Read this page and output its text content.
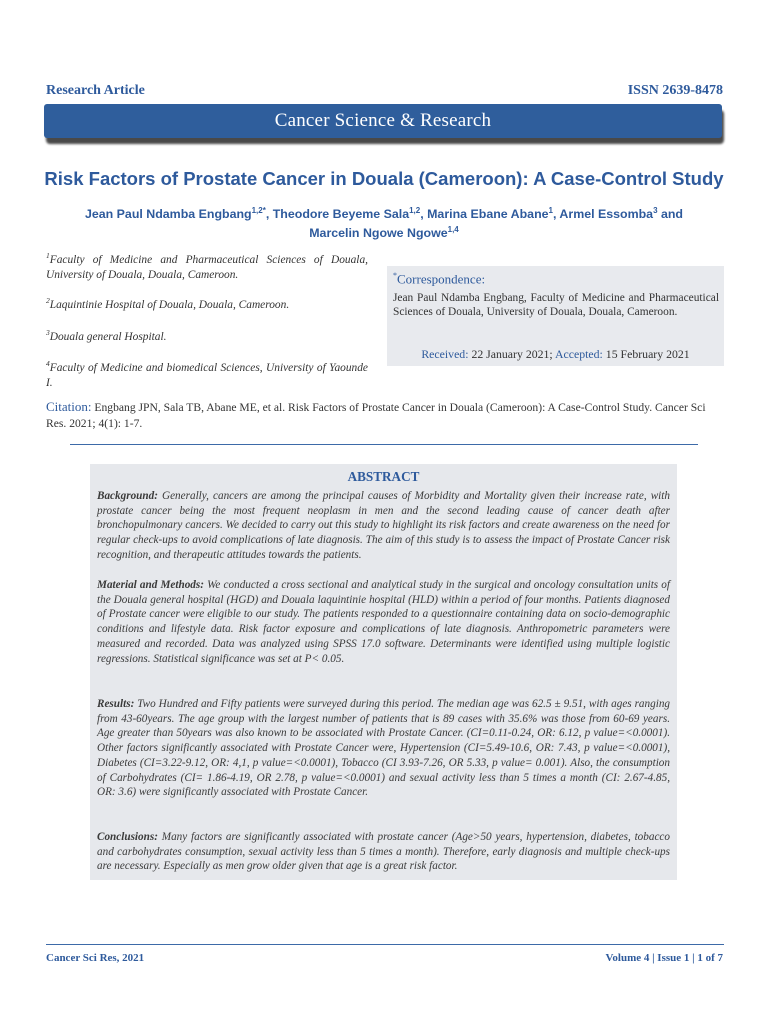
Research Article	ISSN 2639-8478
Cancer Science & Research
Risk Factors of Prostate Cancer in Douala (Cameroon): A Case-Control Study
Jean Paul Ndamba Engbang$^{1,2*}$, Theodore Beyeme Sala$^{1,2}$, Marina Ebane Abane$^1$, Armel Essomba$^3$ and
Marcelin Ngowe Ngowe$^{1,4}$
$^1$Faculty of Medicine and Pharmaceutical Sciences of Douala, University of Douala, Douala, Cameroon.
$^2$Laquintinie Hospital of Douala, Douala, Cameroon.
$^3$Douala general Hospital.
$^4$Faculty of Medicine and biomedical Sciences, University of Yaounde I.
*Correspondence:
Jean Paul Ndamba Engbang, Faculty of Medicine and Pharmaceutical Sciences of Douala, University of Douala, Douala, Cameroon.
Received: 22 January 2021; Accepted: 15 February 2021
Citation: Engbang JPN, Sala TB, Abane ME, et al. Risk Factors of Prostate Cancer in Douala (Cameroon): A Case-Control Study. Cancer Sci Res. 2021; 4(1): 1-7.
ABSTRACT
Background: Generally, cancers are among the principal causes of Morbidity and Mortality given their increase rate, with prostate cancer being the most frequent neoplasm in men and the second leading cause of cancer death after bronchopulmonary cancers. We decided to carry out this study to highlight its risk factors and create awareness on the need for regular check-ups to avoid complications of late diagnosis. The aim of this study is to assess the impact of Prostate Cancer risk recognition, and therapeutic attitudes towards the patients.
Material and Methods: We conducted a cross sectional and analytical study in the surgical and oncology consultation units of the Douala general hospital (HGD) and Douala laquintinie hospital (HLD) within a period of four months. Patients diagnosed of Prostate cancer were eligible to our study. The patients responded to a questionnaire containing data on socio-demographic conditions and lifestyle data. Risk factor exposure and complications of late diagnosis. Anthropometric parameters were measured and recorded. Data was analyzed using SPSS 17.0 software. Determinants were identified using multiple logistic regressions. Statistical significance was set at P< 0.05.
Results: Two Hundred and Fifty patients were surveyed during this period. The median age was 62.5 ± 9.51, with ages ranging from 43-60years. The age group with the largest number of patients that is 89 cases with 35.6% was those from 60-69 years. Age greater than 50years was also known to be associated with Prostate Cancer. (CI=0.11-0.24, OR: 6.12, p value=<0.0001). Other factors significantly associated with Prostate Cancer were, Hypertension (CI=5.49-10.6, OR: 7.43, p value=<0.0001), Diabetes (CI=3.22-9.12, OR: 4,1, p value=<0.0001), Tobacco (CI 3.93-7.26, OR 5.33, p value= 0.001). Also, the consumption of Carbohydrates (CI= 1.86-4.19, OR 2.78, p value=<0.0001) and sexual activity less than 5 times a month (CI: 2.67-4.85, OR: 3.6) were significantly associated with Prostate Cancer.
Conclusions: Many factors are significantly associated with prostate cancer (Age>50 years, hypertension, diabetes, tobacco and carbohydrates consumption, sexual activity less than 5 times a month). Therefore, early diagnosis and multiple check-ups are necessary. Especially as men grow older given that age is a great risk factor.
Cancer Sci Res, 2021	Volume 4 | Issue 1 | 1 of 7
